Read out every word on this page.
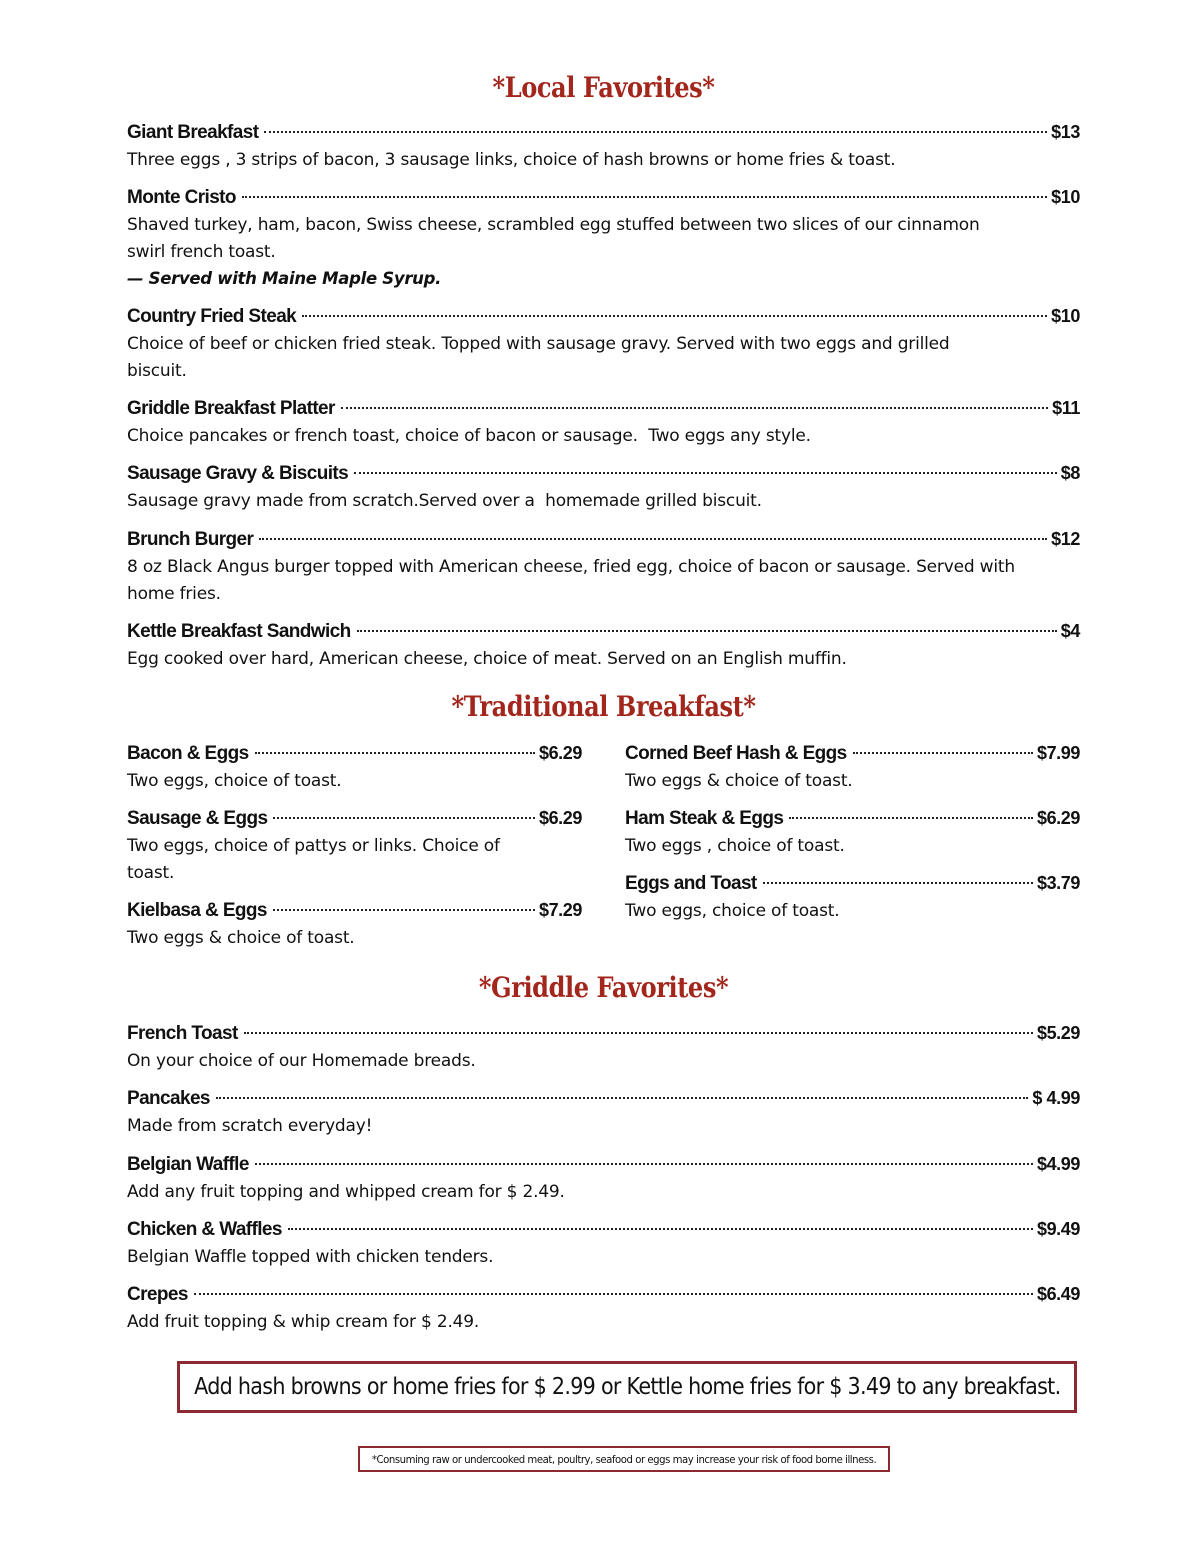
*Local Favorites*
Giant Breakfast	$13
Three eggs , 3 strips of bacon, 3 sausage links, choice of hash browns or home fries & toast.
Monte Cristo	$10
Shaved turkey, ham, bacon, Swiss cheese, scrambled egg stuffed between two slices of our cinnamon swirl french toast.
— Served with Maine Maple Syrup.
Country Fried Steak	$10
Choice of beef or chicken fried steak. Topped with sausage gravy. Served with two eggs and grilled biscuit.
Griddle Breakfast Platter	$11
Choice pancakes or french toast, choice of bacon or sausage.  Two eggs any style.
Sausage Gravy & Biscuits	$8
Sausage gravy made from scratch.Served over a  homemade grilled biscuit.
Brunch Burger	$12
8 oz Black Angus burger topped with American cheese, fried egg, choice of bacon or sausage. Served with home fries.
Kettle Breakfast Sandwich	$4
Egg cooked over hard, American cheese, choice of meat. Served on an English muffin.
*Traditional Breakfast*
Bacon & Eggs	$6.29
Two eggs, choice of toast.
Sausage & Eggs	$6.29
Two eggs, choice of pattys or links. Choice of toast.
Kielbasa & Eggs	$7.29
Two eggs & choice of toast.
Corned Beef Hash & Eggs	$7.99
Two eggs & choice of toast.
Ham Steak & Eggs	$6.29
Two eggs , choice of toast.
Eggs and Toast	$3.79
Two eggs, choice of toast.
*Griddle Favorites*
French Toast	$5.29
On your choice of our Homemade breads.
Pancakes	$ 4.99
Made from scratch everyday!
Belgian Waffle	$4.99
Add any fruit topping and whipped cream for $ 2.49.
Chicken & Waffles	$9.49
Belgian Waffle topped with chicken tenders.
Crepes	$6.49
Add fruit topping & whip cream for $ 2.49.
Add hash browns or home fries for $ 2.99 or Kettle home fries for $ 3.49 to any breakfast.
*Consuming raw or undercooked meat, poultry, seafood or eggs may increase your risk of food borne illness.
